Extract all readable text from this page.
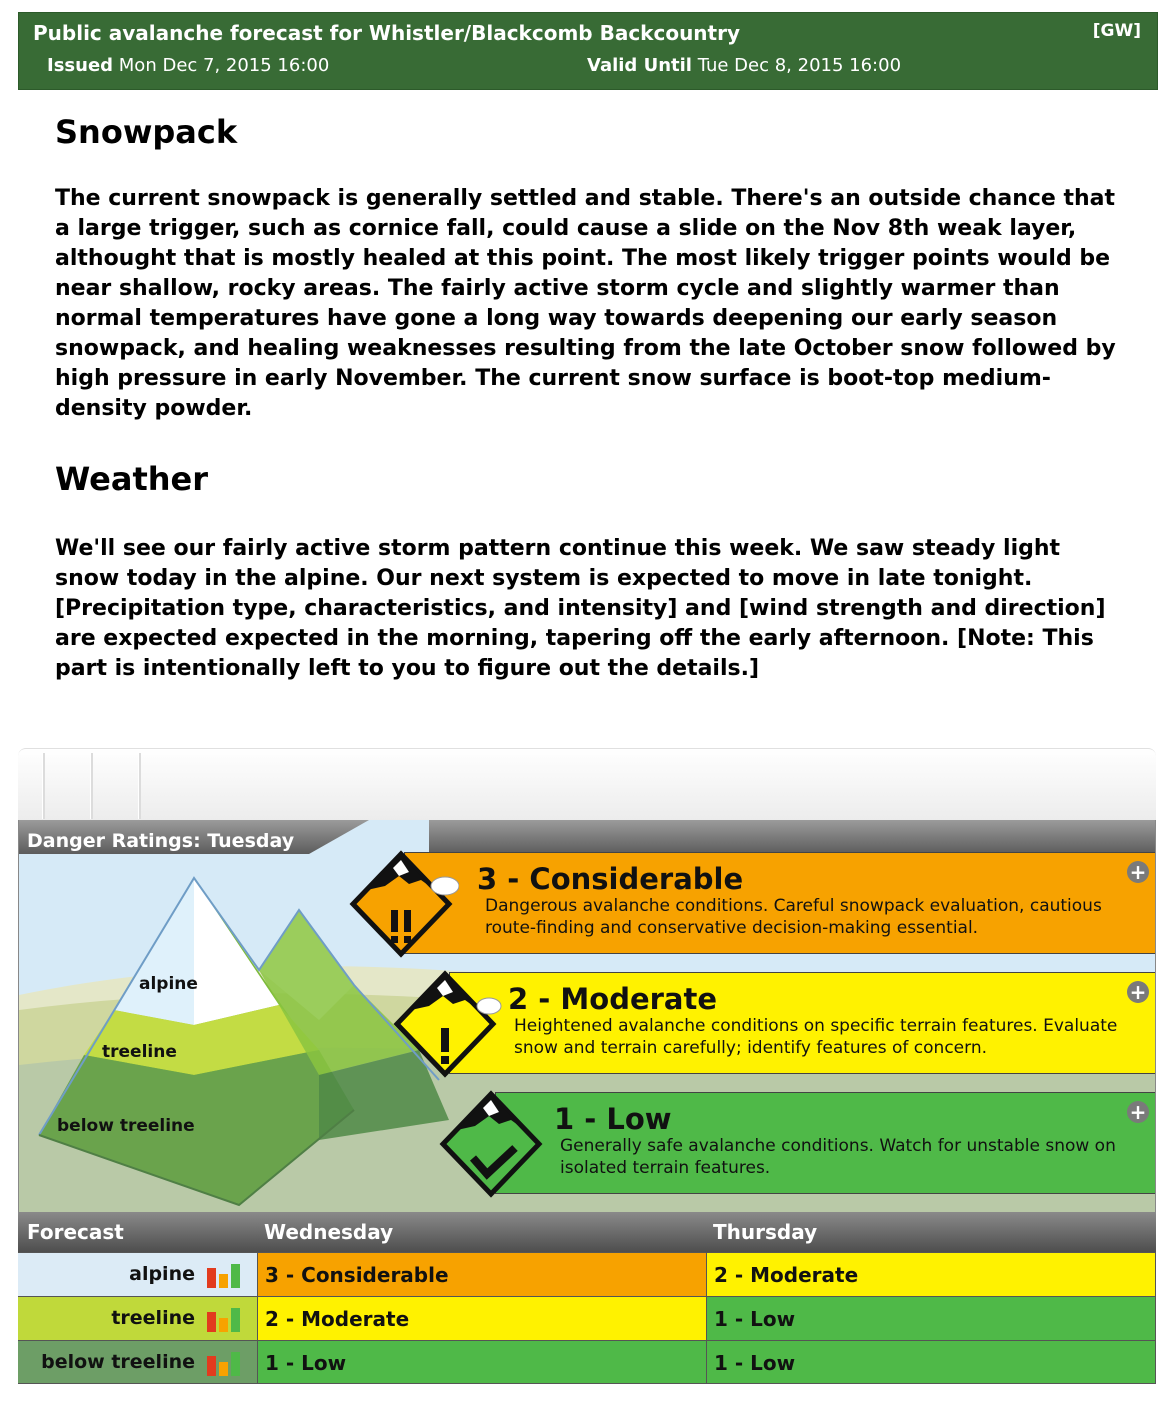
Public avalanche forecast for Whistler/Blackcomb Backcountry	[GW]
Issued Mon Dec 7, 2015 16:00	Valid Until Tue Dec 8, 2015 16:00
Snowpack
The current snowpack is generally settled and stable. There's an outside chance that a large trigger, such as cornice fall, could cause a slide on the Nov 8th weak layer, althought that is mostly healed at this point. The most likely trigger points would be near shallow, rocky areas. The fairly active storm cycle and slightly warmer than normal temperatures have gone a long way towards deepening our early season snowpack, and healing weaknesses resulting from the late October snow followed by high pressure in early November. The current snow surface is boot-top medium-density powder.
Weather
We'll see our fairly active storm pattern continue this week. We saw steady light snow today in the alpine. Our next system is expected to move in late tonight. [Precipitation type, characteristics, and intensity] and [wind strength and direction] are expected expected in the morning, tapering off the early afternoon. [Note: This part is intentionally left to you to figure out the details.]
Danger Ratings: Tuesday
alpine
treeline
below treeline
3 - Considerable
Dangerous avalanche conditions. Careful snowpack evaluation, cautious route-finding and conservative decision-making essential.
+
2 - Moderate
Heightened avalanche conditions on specific terrain features. Evaluate snow and terrain carefully; identify features of concern.
+
1 - Low
Generally safe avalanche conditions. Watch for unstable snow on isolated terrain features.
+
Forecast	Wednesday	Thursday
alpine	3 - Considerable	2 - Moderate
treeline	2 - Moderate	1 - Low
below treeline	1 - Low	1 - Low
